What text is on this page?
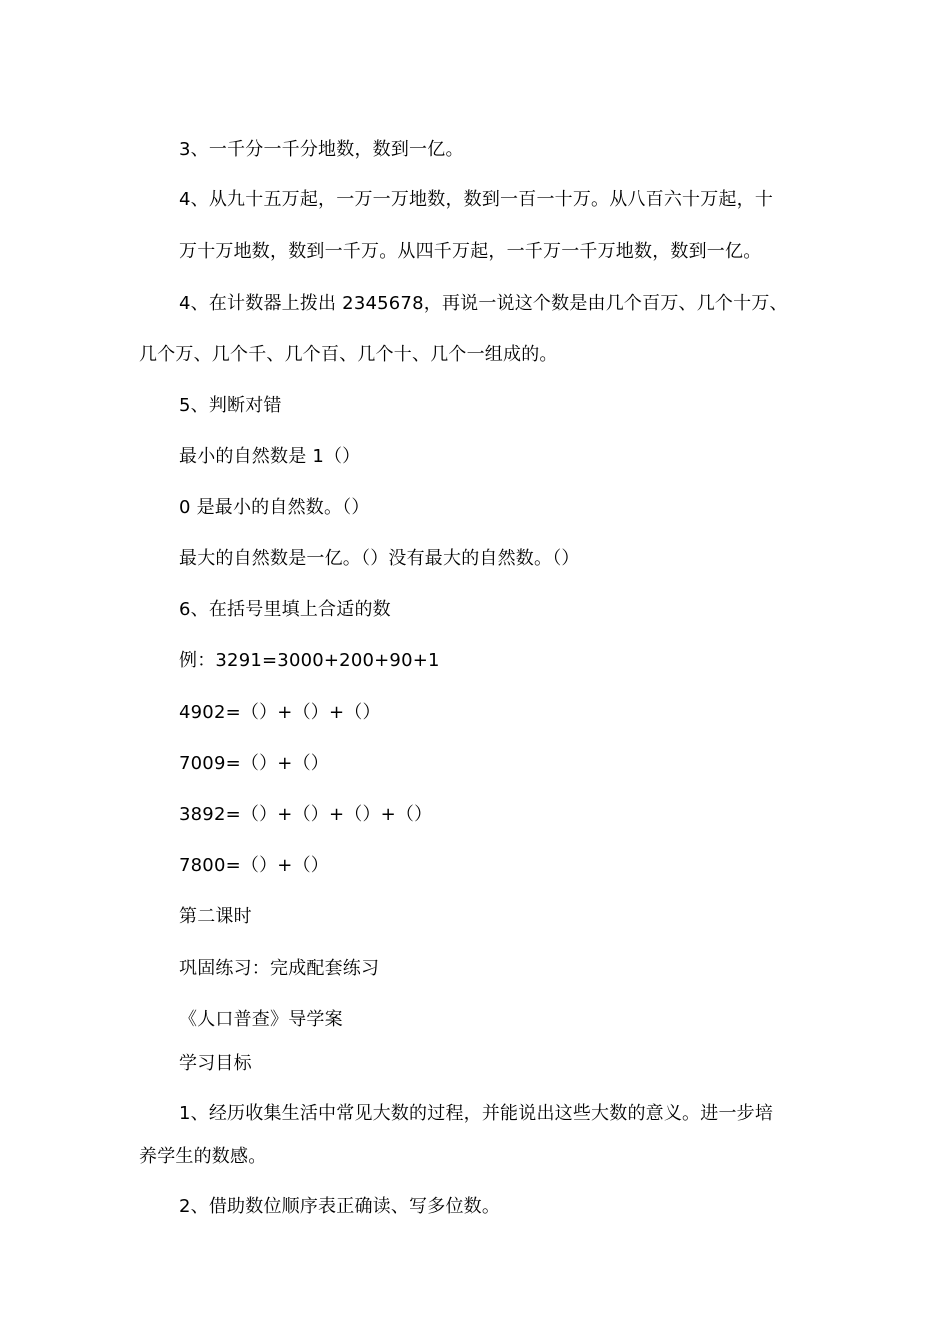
3、一千分一千分地数，数到一亿。
4、从九十五万起，一万一万地数，数到一百一十万。从八百六十万起，十
万十万地数，数到一千万。从四千万起，一千万一千万地数，数到一亿。
4、在计数器上拨出 2345678，再说一说这个数是由几个百万、几个十万、
几个万、几个千、几个百、几个十、几个一组成的。
5、判断对错
最小的自然数是 1（）
0 是最小的自然数。（）
最大的自然数是一亿。（）没有最大的自然数。（）
6、在括号里填上合适的数
例：3291=3000+200+90+1
4902=（）+（）+（）
7009=（）+（）
3892=（）+（）+（）+（）
7800=（）+（）
第二课时
巩固练习：完成配套练习
《人口普查》导学案
学习目标
1、经历收集生活中常见大数的过程，并能说出这些大数的意义。进一步培
养学生的数感。
2、借助数位顺序表正确读、写多位数。
